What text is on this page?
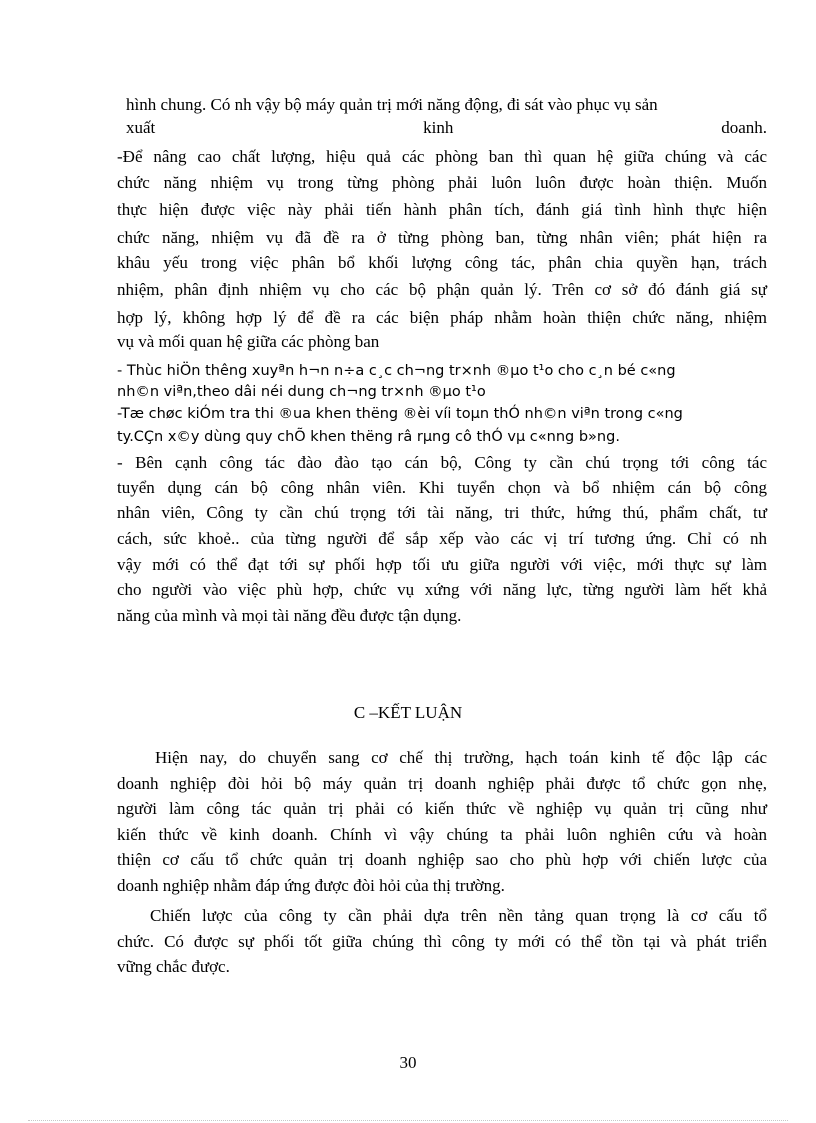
hình chung. Có nh vậy bộ máy quản trị mới năng động, đi sát vào phục vụ sản
xuất kinh doanh.
-Để nâng cao chất lượng, hiệu quả các phòng ban thì quan hệ giữa chúng và các
chức năng nhiệm vụ trong từng phòng phải luôn luôn được hoàn thiện. Muốn
thực hiện được việc này phải tiến hành phân tích, đánh giá tình hình thực hiện
chức năng, nhiệm vụ đã đề ra ở từng phòng ban, từng nhân viên; phát hiện ra
khâu yếu trong việc phân bổ khối lượng công tác, phân chia quyền hạn, trách
nhiệm, phân định nhiệm vụ cho các bộ phận quản lý. Trên cơ sở đó đánh giá sự
hợp lý, không hợp lý để đề ra các biện pháp nhằm hoàn thiện chức năng, nhiệm
vụ và mối quan hệ giữa các phòng ban
- Thùc hiÖn thêng xuyªn h¬n n÷a c¸c ch¬ng tr×nh ®µo t¹o cho c¸n bé c«ng
nh©n viªn,theo dâi néi dung ch¬ng tr×nh ®µo t¹o
-Tæ chøc kiÓm tra thi ®ua khen thëng ®èi víi toµn thÓ nh©n viªn trong c«ng
ty.CÇn x©y dùng quy chÕ khen thëng râ rµng cô thÓ vµ c«nng b»ng.
- Bên cạnh công tác đào đào tạo cán bộ, Công ty cần chú trọng tới công tác
tuyển dụng cán bộ công nhân viên. Khi tuyển chọn và bổ nhiệm cán bộ công
nhân viên, Công ty cần chú trọng tới tài năng, tri thức, hứng thú, phẩm chất, tư
cách, sức khoẻ.. của từng người để sắp xếp vào các vị trí tương ứng. Chỉ có nh
vậy mới có thể đạt tới sự phối hợp tối ưu giữa người với việc, mới thực sự làm
cho người vào việc phù hợp, chức vụ xứng với năng lực, từng người làm hết khả
năng của mình và mọi tài năng đều được tận dụng.
C –KẾT LUẬN
Hiện nay, do chuyển sang cơ chế thị trường, hạch toán kinh tế độc lập các
doanh nghiệp đòi hỏi bộ máy quản trị doanh nghiệp phải được tổ chức gọn nhẹ,
người làm công tác quản trị phải có kiến thức về nghiệp vụ quản trị cũng như
kiến thức về kinh doanh. Chính vì vậy chúng ta phải luôn nghiên cứu và hoàn
thiện cơ cấu tổ chức quản trị doanh nghiệp sao cho phù hợp với chiến lược của
doanh nghiệp nhằm đáp ứng được đòi hỏi của thị trường.
Chiến lược của công ty cần phải dựa trên nền tảng quan trọng là cơ cấu tổ
chức. Có được sự phối tốt giữa chúng thì công ty mới có thể tồn tại và phát triển
vững chắc được.
30
